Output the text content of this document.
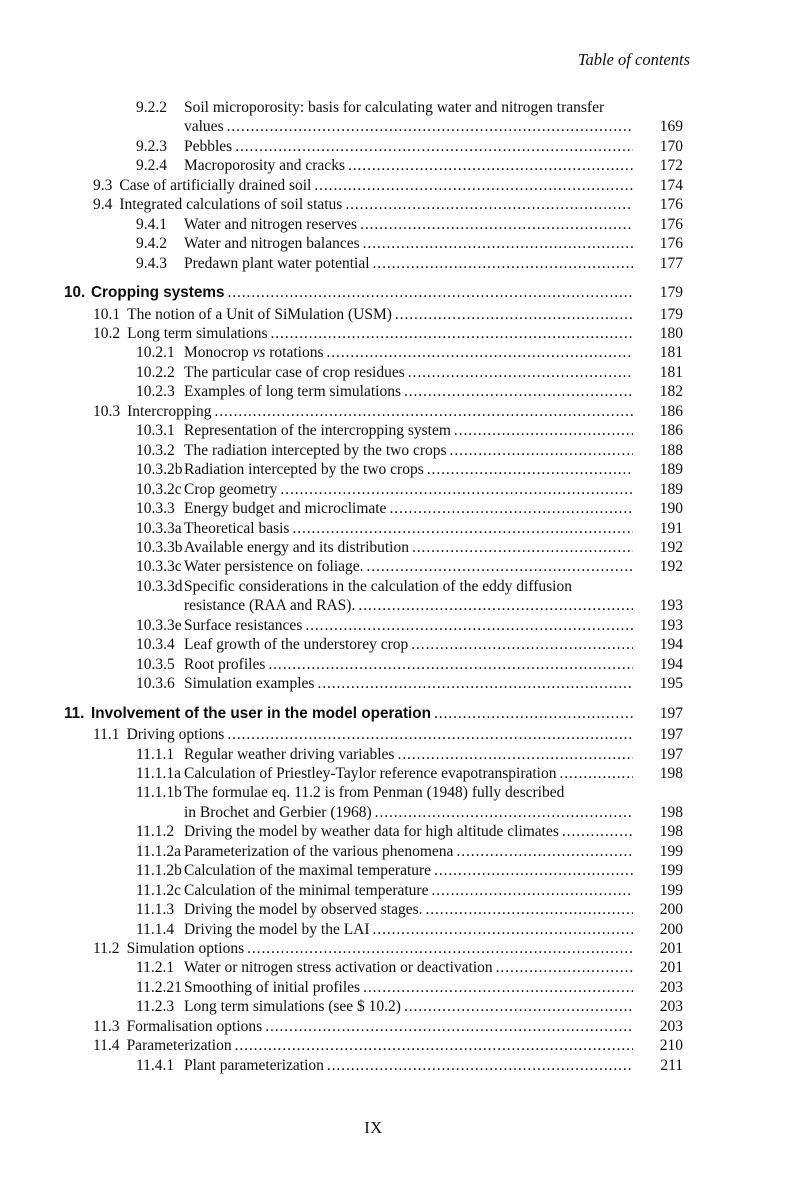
Table of contents
9.2.2	Soil microporosity: basis for calculating water and nitrogen transfer
values .....	169
9.2.3	Pebbles .....	170
9.2.4	Macroporosity and cracks .....	172
9.3 Case of artificially drained soil .....	174
9.4 Integrated calculations of soil status .....	176
9.4.1	Water and nitrogen reserves .....	176
9.4.2	Water and nitrogen balances .....	176
9.4.3	Predawn plant water potential .....	177
10. Cropping systems .....	179
10.1 The notion of a Unit of SiMulation (USM) .....	179
10.2 Long term simulations .....	180
10.2.1 Monocrop vs rotations .....	181
10.2.2 The particular case of crop residues .....	181
10.2.3 Examples of long term simulations .....	182
10.3 Intercropping .....	186
10.3.1 Representation of the intercropping system .....	186
10.3.2 The radiation intercepted by the two crops .....	188
10.3.2b Radiation intercepted by the two crops .....	189
10.3.2c Crop geometry .....	189
10.3.3 Energy budget and microclimate .....	190
10.3.3a Theoretical basis .....	191
10.3.3b Available energy and its distribution .....	192
10.3.3c Water persistence on foliage. .....	192
10.3.3d Specific considerations in the calculation of the eddy diffusion
resistance (RAA and RAS). .....	193
10.3.3e Surface resistances .....	193
10.3.4 Leaf growth of the understorey crop .....	194
10.3.5 Root profiles .....	194
10.3.6 Simulation examples .....	195
11. Involvement of the user in the model operation .....	197
11.1 Driving options .....	197
11.1.1 Regular weather driving variables .....	197
11.1.1a Calculation of Priestley-Taylor reference evapotranspiration .....	198
11.1.1b The formulae eq. 11.2 is from Penman (1948) fully described
in Brochet and Gerbier (1968) .....	198
11.1.2 Driving the model by weather data for high altitude climates .....	198
11.1.2a Parameterization of the various phenomena .....	199
11.1.2b Calculation of the maximal temperature .....	199
11.1.2c Calculation of the minimal temperature .....	199
11.1.3 Driving the model by observed stages. .....	200
11.1.4 Driving the model by the LAI .....	200
11.2 Simulation options .....	201
11.2.1 Water or nitrogen stress activation or deactivation .....	201
11.2.21 Smoothing of initial profiles .....	203
11.2.3 Long term simulations (see $ 10.2) .....	203
11.3 Formalisation options .....	203
11.4 Parameterization .....	210
11.4.1 Plant parameterization .....	211
IX
